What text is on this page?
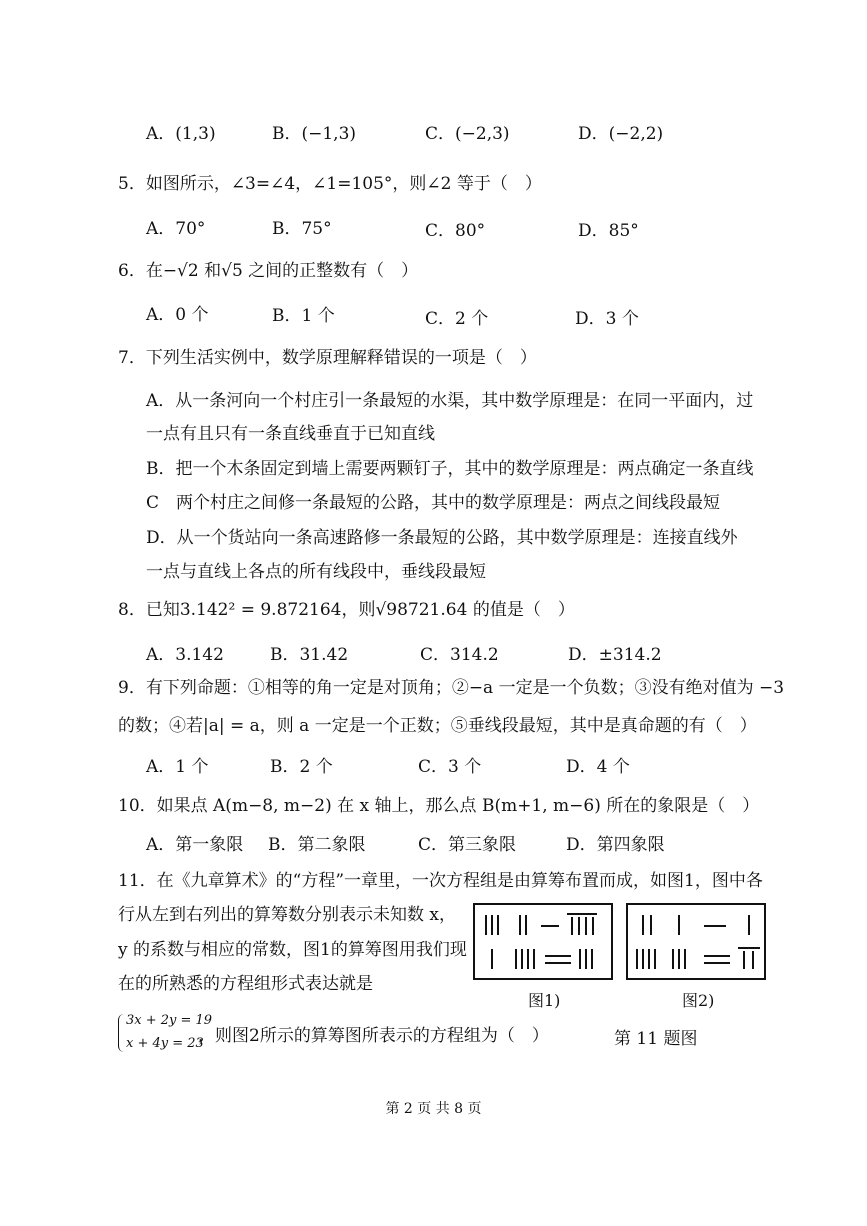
A．(1,3)	B．(−1,3)	C．(−2,3)	D．(−2,2)
5．如图所示，∠3=∠4，∠1=105°，则∠2 等于（　）
A．70°	B．75°	C．80°	D．85°
6．在−√2 和√5 之间的正整数有（　）
A．0 个	B．1 个	C．2 个	D．3 个
7．下列生活实例中，数学原理解释错误的一项是（　）
A．从一条河向一个村庄引一条最短的水渠，其中数学原理是：在同一平面内，过
一点有且只有一条直线垂直于已知直线
B．把一个木条固定到墙上需要两颗钉子，其中的数学原理是：两点确定一条直线
C　两个村庄之间修一条最短的公路，其中的数学原理是：两点之间线段最短
D．从一个货站向一条高速路修一条最短的公路，其中数学原理是：连接直线外
一点与直线上各点的所有线段中，垂线段最短
8．已知3.142² = 9.872164，则√98721.64 的值是（　）
A．3.142	B．31.42	C．314.2	D．±314.2
9．有下列命题：①相等的角一定是对顶角；②−a 一定是一个负数；③没有绝对值为 −3
的数；④若|a| = a，则 a 一定是一个正数；⑤垂线段最短，其中是真命题的有（　）
A．1 个	B．2 个	C．3 个	D．4 个
10．如果点 A(m−8, m−2) 在 x 轴上，那么点 B(m+1, m−6) 所在的象限是（　）
A．第一象限 B．第二象限	C．第三象限	D．第四象限
11．在《九章算术》的“方程”一章里，一次方程组是由算筹布置而成，如图1，图中各
行从左到右列出的算筹数分别表示未知数 x，
y 的系数与相应的常数，图1的算筹图用我们现
在的所熟悉的方程组形式表达就是
3x + 2y = 19
x + 4y = 23
，则图2所示的算筹图所表示的方程组为（　）	第 11 题图
图1)	图2)
第 2 页 共 8 页
